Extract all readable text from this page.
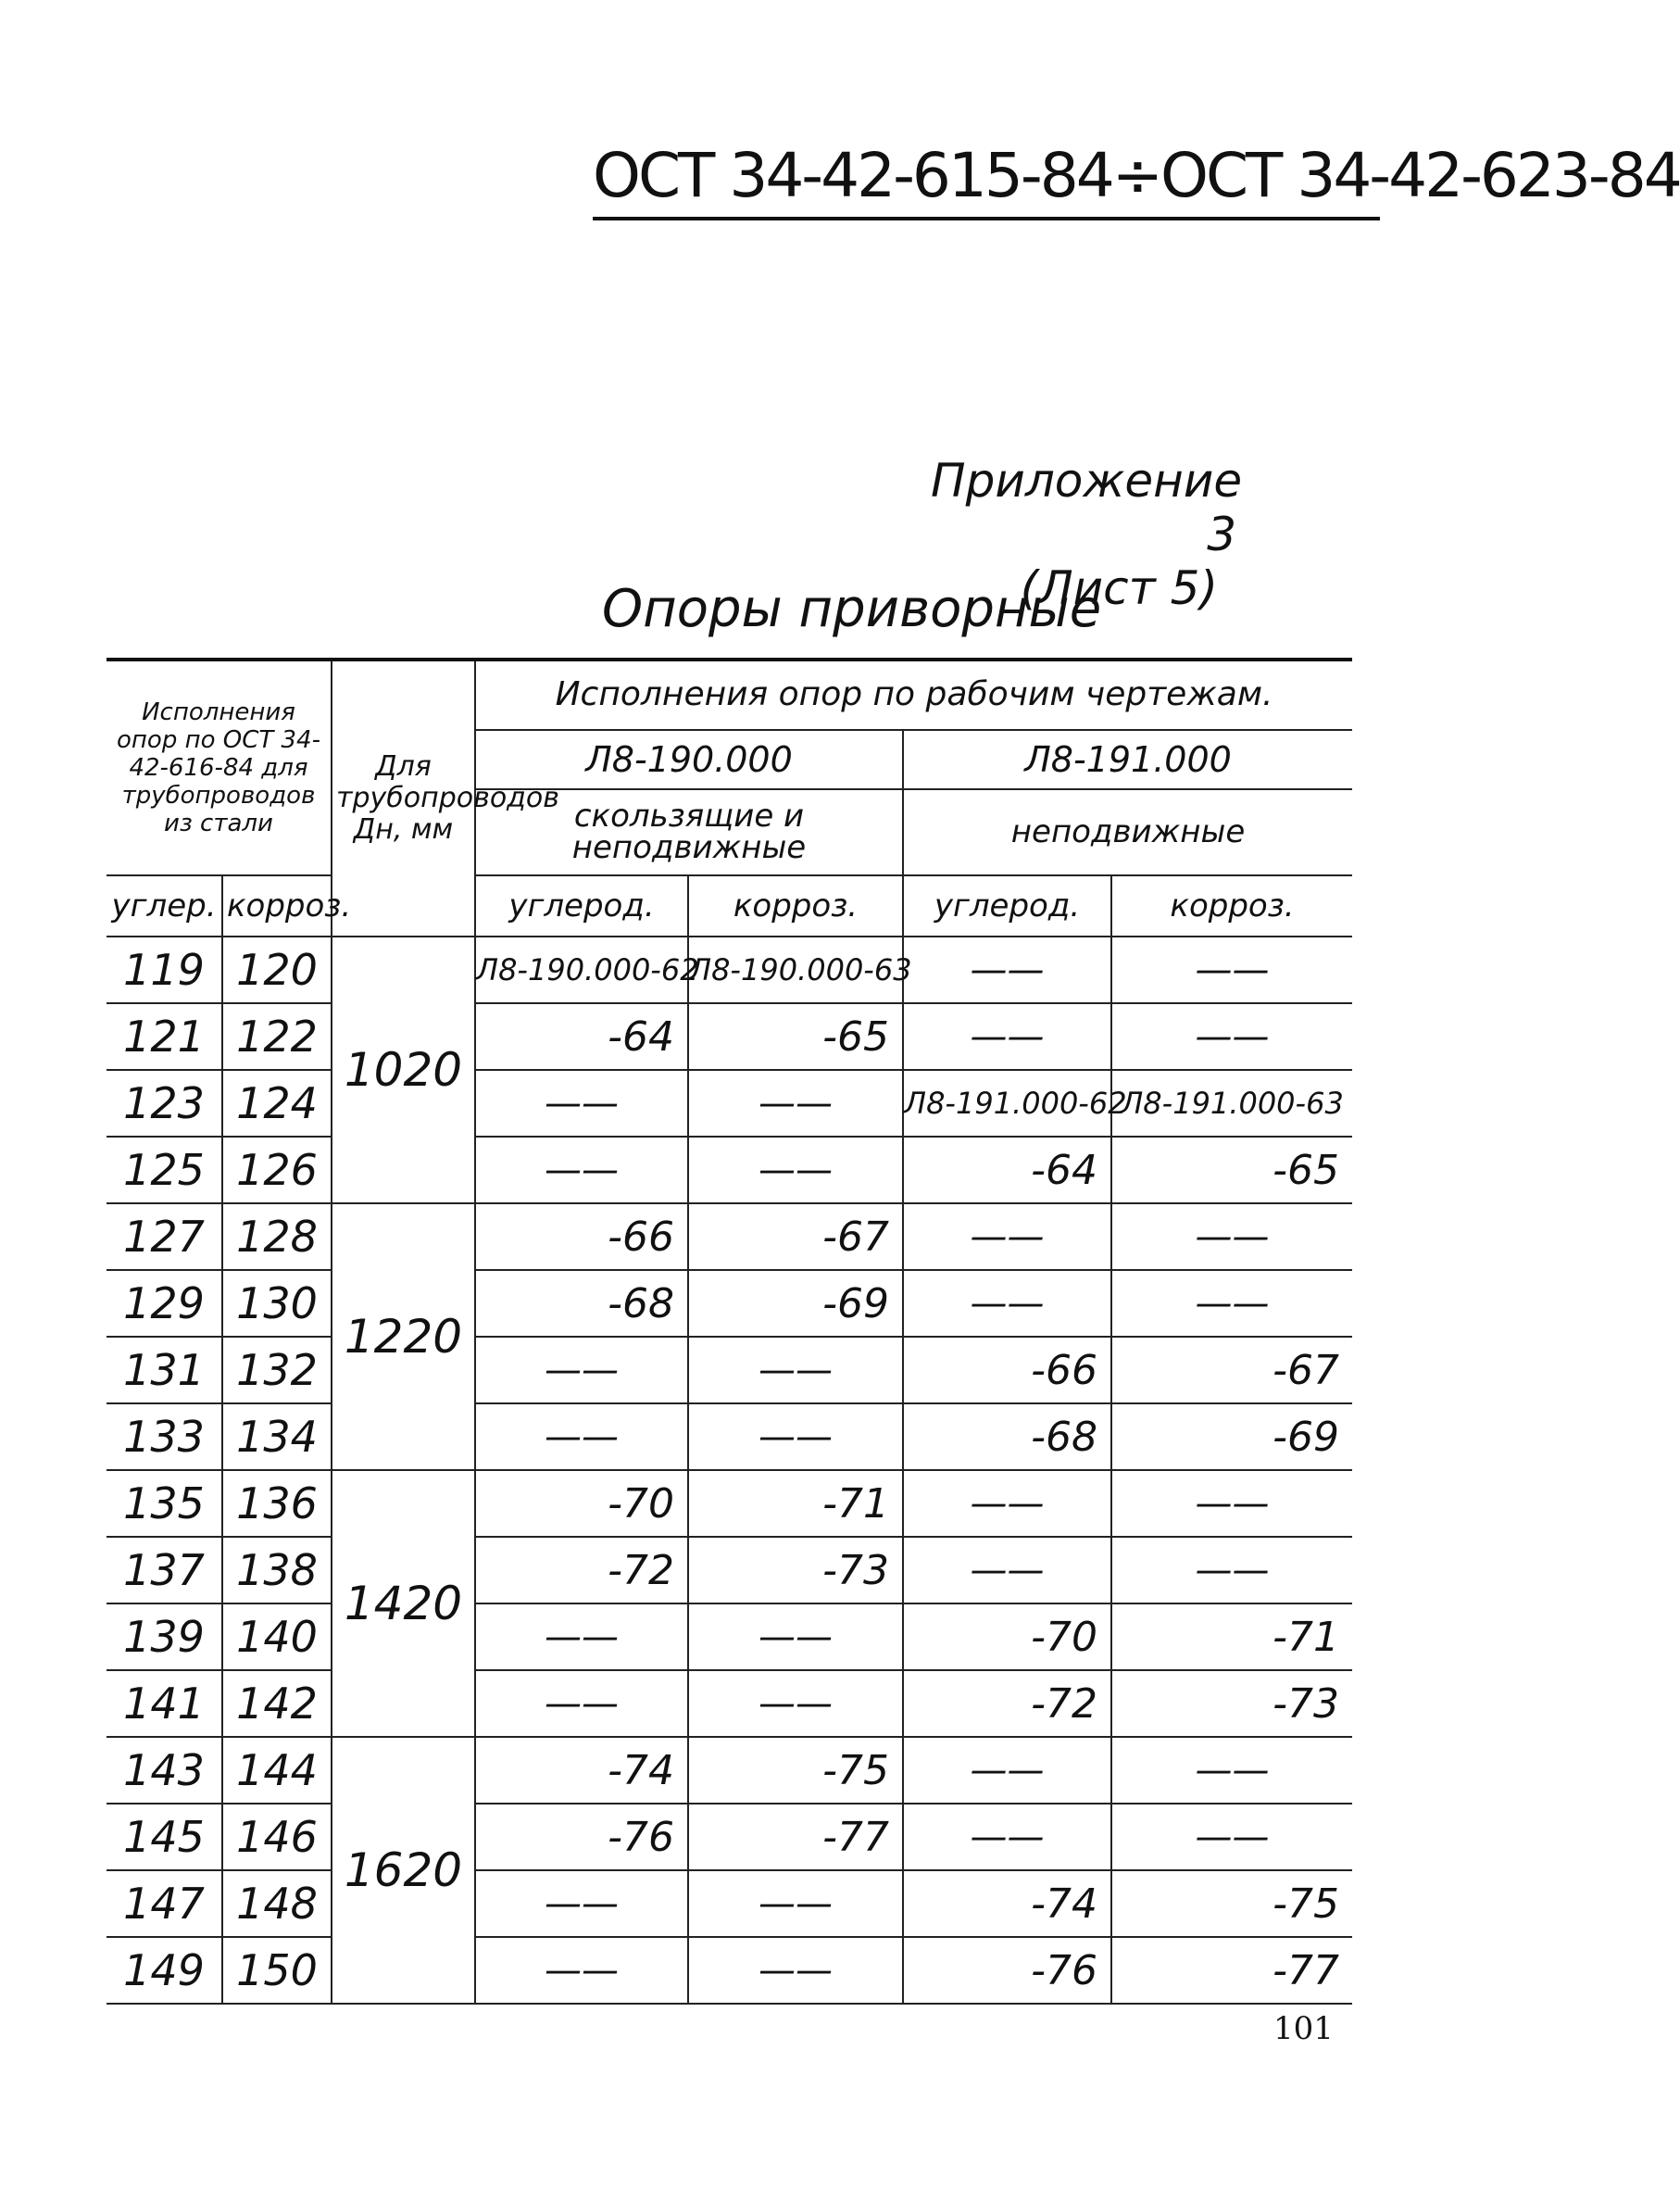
ОСТ 34-42-615-84÷ОСТ 34-42-623-84
Приложение 3

(Лист 5)
Опоры приворные
Исполнения опор по ОСТ 34-42-616-84 для трубопроводов из стали		Для трубопроводов Дн, мм	Исполнения опор по рабочим чертежам.			
			Л8-190.000		Л8-191.000	
			скользящие и неподвижные		неподвижные	
углер.	корроз.		углерод.	корроз.	углерод.	корроз.
119	120	1020	Л8-190.000-62	Л8-190.000-63	——	——
121	122		-64	-65	——	——
123	124		——	——	Л8-191.000-62	Л8-191.000-63
125	126		——	——	-64	-65
127	128	1220	-66	-67	——	——
129	130		-68	-69	——	——
131	132		——	——	-66	-67
133	134		——	——	-68	-69
135	136	1420	-70	-71	——	——
137	138		-72	-73	——	——
139	140		——	——	-70	-71
141	142		——	——	-72	-73
143	144	1620	-74	-75	——	——
145	146		-76	-77	——	——
147	148		——	——	-74	-75
149	150		——	——	-76	-77
101
